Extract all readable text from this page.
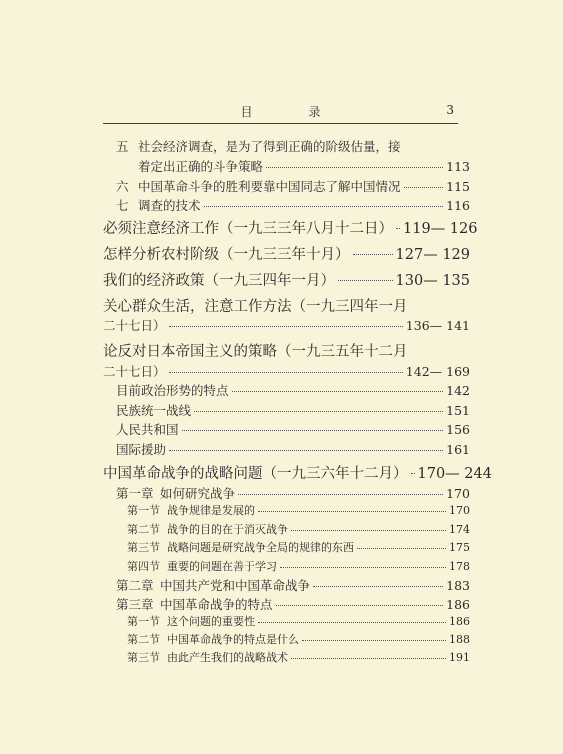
目　录	3
五 社会经济调查，是为了得到正确的阶级估量，接
着定出正确的斗争策略	113
六 中国革命斗争的胜利要靠中国同志了解中国情况	115
七 调查的技术	116
必须注意经济工作（一九三三年八月十二日） 119— 126
怎样分析农村阶级（一九三三年十月）	127— 129
我们的经济政策（一九三四年一月）	130— 135
关心群众生活，注意工作方法（一九三四年一月
二十七日）	136— 141
论反对日本帝国主义的策略（一九三五年十二月
二十七日）	142— 169
目前政治形势的特点	142
民族统一战线	151
人民共和国	156
国际援助	161
中国革命战争的战略问题（一九三六年十二月） 170— 244
第一章 如何研究战争	170
第一节 战争规律是发展的	170
第二节 战争的目的在于消灭战争	174
第三节 战略问题是研究战争全局的规律的东西	175
第四节 重要的问题在善于学习	178
第二章 中国共产党和中国革命战争	183
第三章 中国革命战争的特点	186
第一节 这个问题的重要性	186
第二节 中国革命战争的特点是什么	188
第三节 由此产生我们的战略战术	191
